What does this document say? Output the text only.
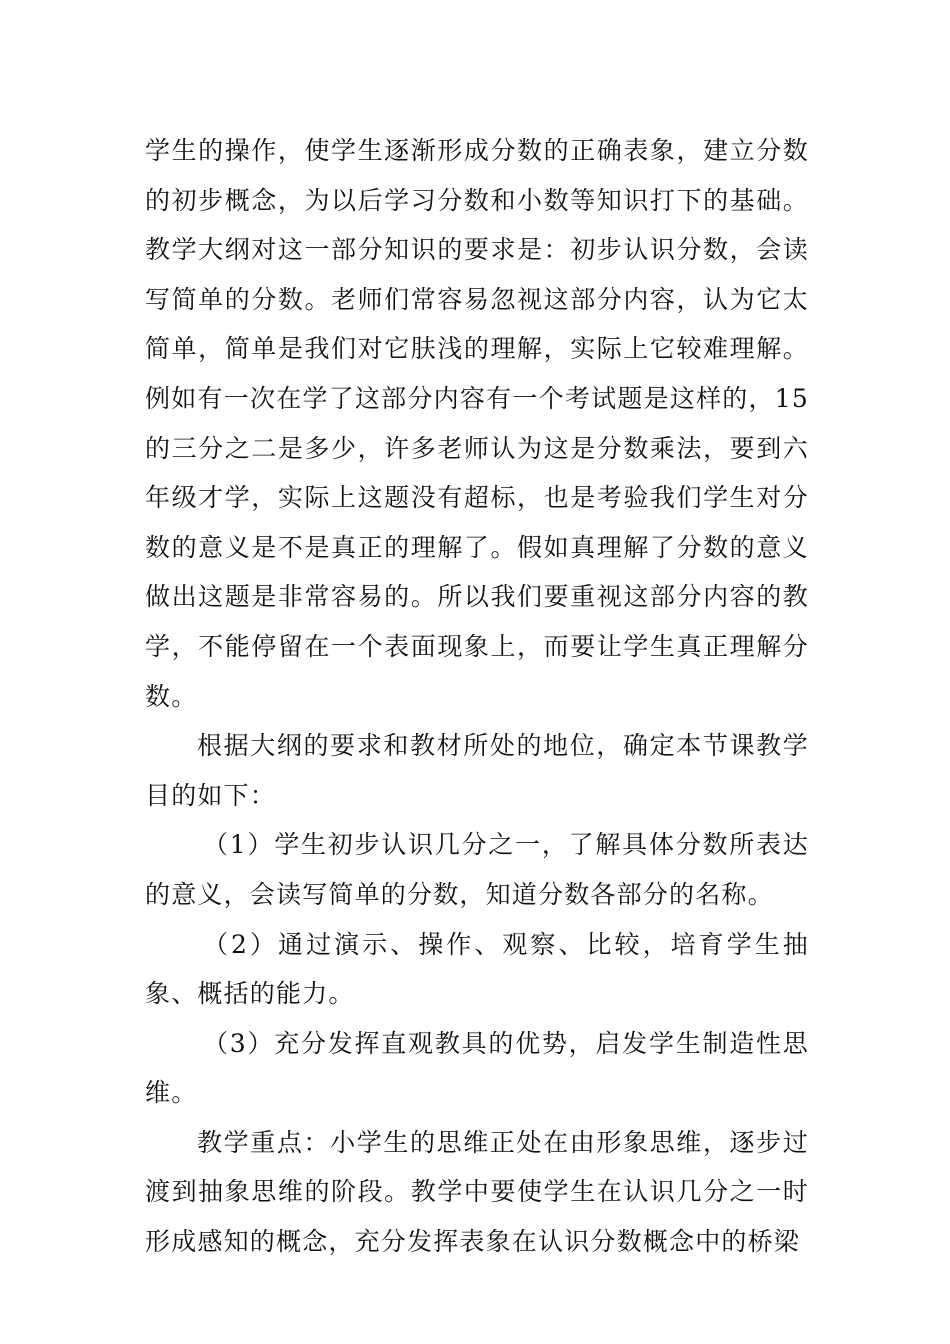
学生的操作，使学生逐渐形成分数的正确表象，建立分数的初步概念，为以后学习分数和小数等知识打下的基础。教学大纲对这一部分知识的要求是：初步认识分数，会读写简单的分数。老师们常容易忽视这部分内容，认为它太简单，简单是我们对它肤浅的理解，实际上它较难理解。例如有一次在学了这部分内容有一个考试题是这样的，15的三分之二是多少，许多老师认为这是分数乘法，要到六年级才学，实际上这题没有超标，也是考验我们学生对分数的意义是不是真正的理解了。假如真理解了分数的意义做出这题是非常容易的。所以我们要重视这部分内容的教学，不能停留在一个表面现象上，而要让学生真正理解分数。

根据大纲的要求和教材所处的地位，确定本节课教学目的如下：

（1）学生初步认识几分之一，了解具体分数所表达的意义，会读写简单的分数，知道分数各部分的名称。

（2）通过演示、操作、观察、比较，培育学生抽象、概括的能力。

（3）充分发挥直观教具的优势，启发学生制造性思维。

教学重点：小学生的思维正处在由形象思维，逐步过渡到抽象思维的阶段。教学中要使学生在认识几分之一时形成感知的概念，充分发挥表象在认识分数概念中的桥梁
